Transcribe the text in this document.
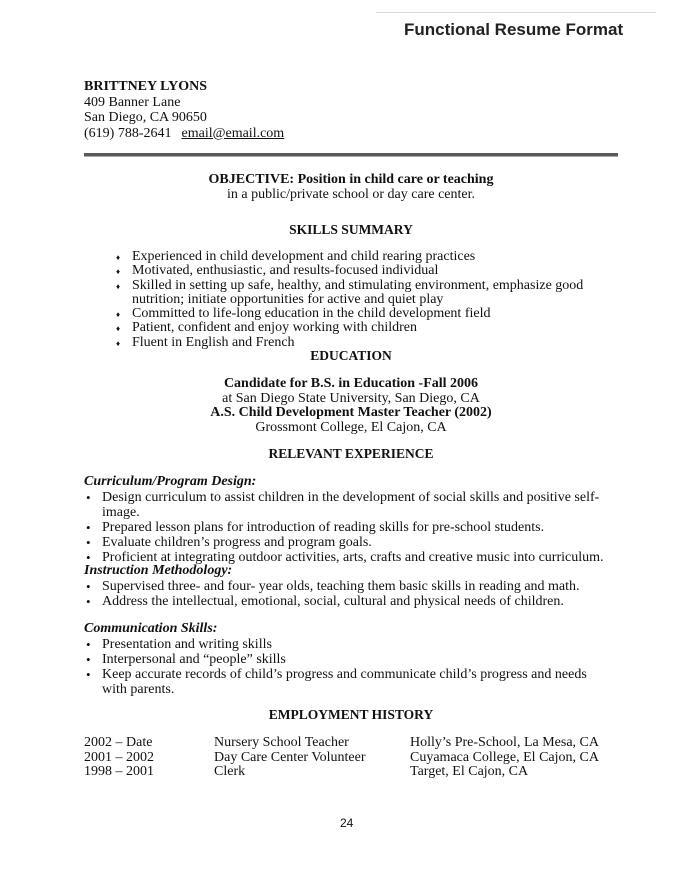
Functional Resume Format
BRITTNEY LYONS
409 Banner Lane
San Diego, CA 90650
(619) 788-2641 email@email.com
OBJECTIVE: Position in child care or teaching
in a public/private school or day care center.
SKILLS SUMMARY
♦ Experienced in child development and child rearing practices
♦ Motivated, enthusiastic, and results-focused individual
♦ Skilled in setting up safe, healthy, and stimulating environment, emphasize good nutrition; initiate opportunities for active and quiet play
♦ Committed to life-long education in the child development field
♦ Patient, confident and enjoy working with children
♦ Fluent in English and French
EDUCATION
Candidate for B.S. in Education -Fall 2006
at San Diego State University, San Diego, CA
A.S. Child Development Master Teacher (2002)
Grossmont College, El Cajon, CA
RELEVANT EXPERIENCE
Curriculum/Program Design:
• Design curriculum to assist children in the development of social skills and positive self-image.
• Prepared lesson plans for introduction of reading skills for pre-school students.
• Evaluate children’s progress and program goals.
• Proficient at integrating outdoor activities, arts, crafts and creative music into curriculum.
Instruction Methodology:
• Supervised three- and four- year olds, teaching them basic skills in reading and math.
• Address the intellectual, emotional, social, cultural and physical needs of children.
Communication Skills:
• Presentation and writing skills
• Interpersonal and “people” skills
• Keep accurate records of child’s progress and communicate child’s progress and needs with parents.
EMPLOYMENT HISTORY
2002 – Date	Nursery School Teacher	Holly’s Pre-School, La Mesa, CA
2001 – 2002	Day Care Center Volunteer	Cuyamaca College, El Cajon, CA
1998 – 2001	Clerk	Target, El Cajon, CA
24
